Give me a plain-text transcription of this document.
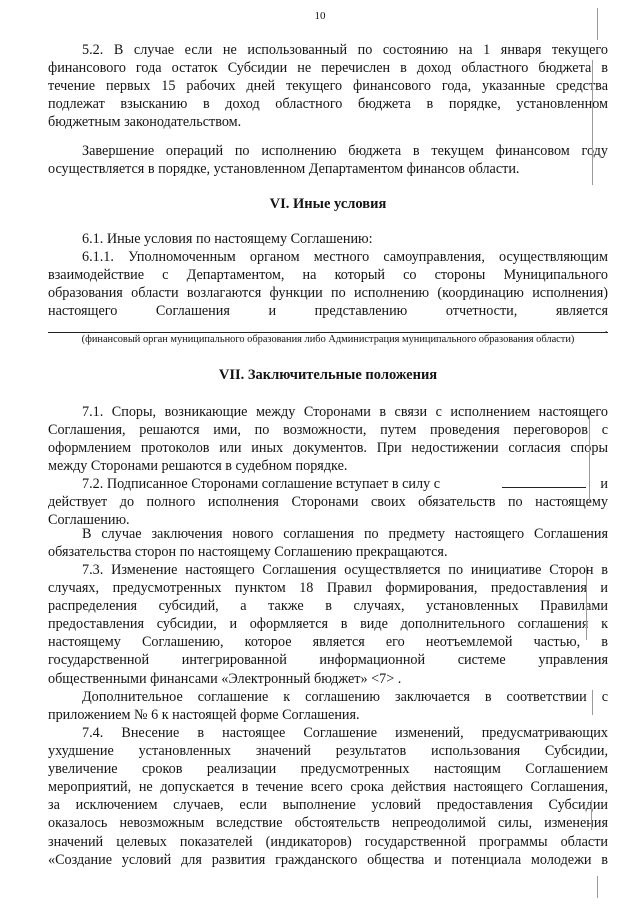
10
5.2. В случае если не использованный по состоянию на 1 января текущего
финансового года остаток Субсидии не перечислен в доход областного бюджета в
течение первых 15 рабочих дней текущего финансового года, указанные средства
подлежат взысканию в доход областного бюджета в порядке, установленном
бюджетным законодательством.
Завершение операций по исполнению бюджета в текущем финансовом году
осуществляется в порядке, установленном Департаментом финансов области.
VI. Иные условия
6.1. Иные условия по настоящему Соглашению:
6.1.1. Уполномоченным органом местного самоуправления, осуществляющим
взаимодействие с Департаментом, на который со стороны Муниципального
образования области возлагаются функции по исполнению (координацию исполнения)
настоящего Соглашения и представлению отчетности, является
.
(финансовый орган муниципального образования либо Администрация муниципального образования области)
VII. Заключительные положения
7.1. Споры, возникающие между Сторонами в связи с исполнением настоящего
Соглашения, решаются ими, по возможности, путем проведения переговоров с
оформлением протоколов или иных документов. При недостижении согласия споры
между Сторонами решаются в судебном порядке.
7.2. Подписанное Сторонами соглашение вступает в силу с	и
действует до полного исполнения Сторонами своих обязательств по настоящему
Соглашению.
В случае заключения нового соглашения по предмету настоящего Соглашения
обязательства сторон по настоящему Соглашению прекращаются.
7.3. Изменение настоящего Соглашения осуществляется по инициативе Сторон в
случаях, предусмотренных пунктом 18 Правил формирования, предоставления и
распределения субсидий, а также в случаях, установленных Правилами
предоставления субсидии, и оформляется в виде дополнительного соглашения к
настоящему Соглашению, которое является его неотъемлемой частью, в
государственной интегрированной информационной системе управления
общественными финансами «Электронный бюджет» <7> .
Дополнительное соглашение к соглашению заключается в соответствии с
приложением № 6 к настоящей форме Соглашения.
7.4. Внесение в настоящее Соглашение изменений, предусматривающих
ухудшение установленных значений результатов использования Субсидии,
увеличение сроков реализации предусмотренных настоящим Соглашением
мероприятий, не допускается в течение всего срока действия настоящего Соглашения,
за исключением случаев, если выполнение условий предоставления Субсидии
оказалось невозможным вследствие обстоятельств непреодолимой силы, изменения
значений целевых показателей (индикаторов) государственной программы области
«Создание условий для развития гражданского общества и потенциала молодежи в
